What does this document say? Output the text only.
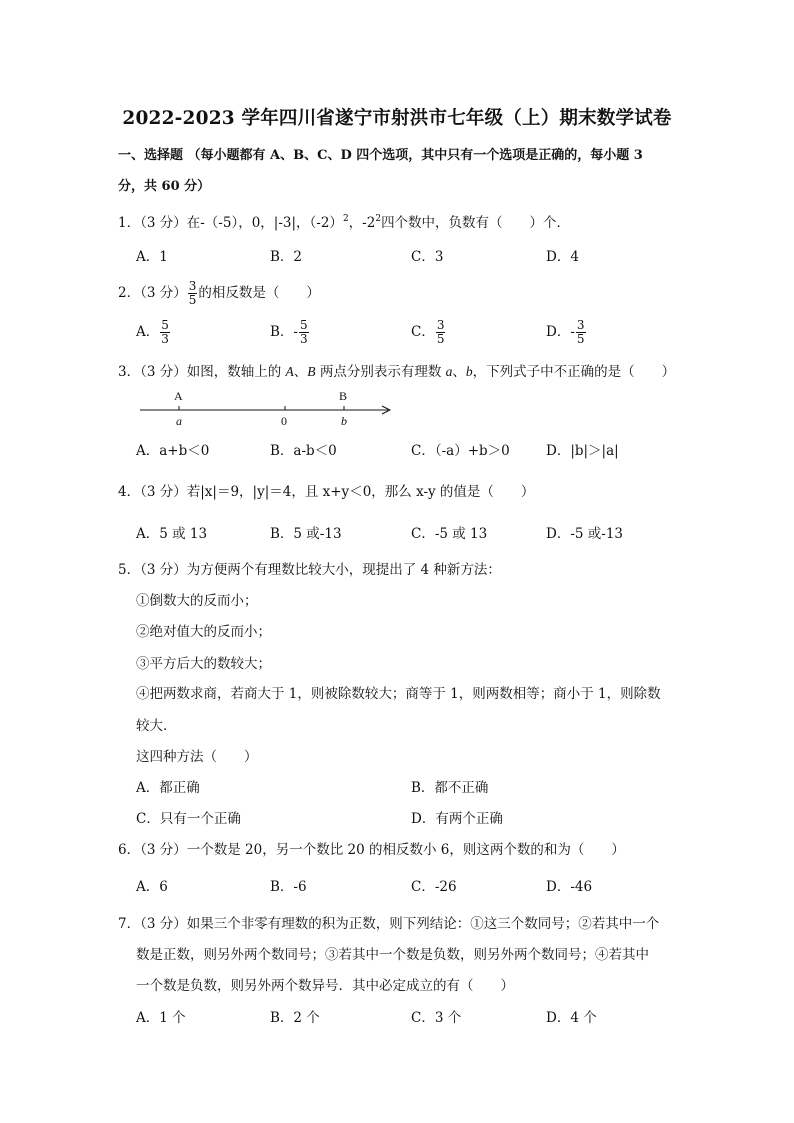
2022-2023 学年四川省遂宁市射洪市七年级（上）期末数学试卷
一、选择题 （每小题都有 A、B、C、D 四个选项，其中只有一个选项是正确的，每小题 3
分，共 60 分）
1．（3 分）在-（-5），0，|-3|，$(-2)^2$，$-2^2$四个数中，负数有（　　）个．
A．1	B．2	C．3	D．4
2．（3 分） $\frac{3}{5}$ 的相反数是（　　）
A． $\frac{5}{3}$	B．- $\frac{5}{3}$	C． $\frac{3}{5}$	D．- $\frac{3}{5}$
3．（3 分）如图，数轴上的 A、B 两点分别表示有理数 a、b，下列式子中不正确的是（　　）
A	B
a	0	b
A．a+b＜0	B．a-b＜0	C．（-a）+b＞0	D．|b|＞|a|
4．（3 分）若|x|＝9，|y|＝4，且 x+y＜0，那么 x-y 的值是（　　）
A．5 或 13	B．5 或-13	C．-5 或 13	D．-5 或-13
5．（3 分）为方便两个有理数比较大小，现提出了 4 种新方法：
①倒数大的反而小；
②绝对值大的反而小；
③平方后大的数较大；
④把两数求商，若商大于 1，则被除数较大；商等于 1，则两数相等；商小于 1，则除数
较大．
这四种方法（　　）
A．都正确	B．都不正确
C．只有一个正确	D．有两个正确
6．（3 分）一个数是 20，另一个数比 20 的相反数小 6，则这两个数的和为（　　）
A．6	B．-6	C．-26	D．-46
7．（3 分）如果三个非零有理数的积为正数，则下列结论：①这三个数同号；②若其中一个
数是正数，则另外两个数同号；③若其中一个数是负数，则另外两个数同号；④若其中
一个数是负数，则另外两个数异号．其中必定成立的有（　　）
A．1 个	B．2 个	C．3 个	D．4 个
